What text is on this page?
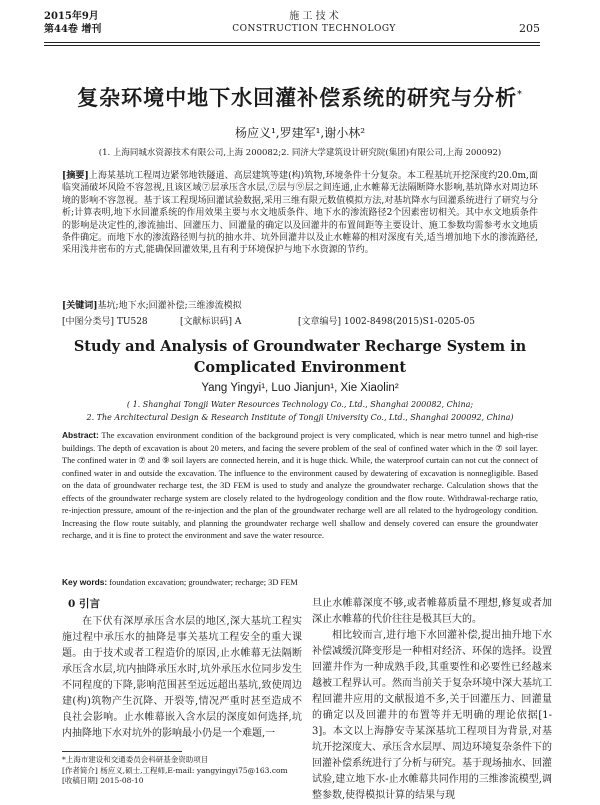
2015年9月
第44卷 增刊
施 工 技 术
CONSTRUCTION TECHNOLOGY	205
复杂环境中地下水回灌补偿系统的研究与分析*
杨应义¹,罗建军¹,谢小林²
(1. 上海同城水资源技术有限公司,上海 200082;2. 同济大学建筑设计研究院(集团)有限公司,上海 200092)
[摘要]上海某基坑工程周边紧邻地铁隧道、高层建筑等建(构)筑物,环境条件十分复杂。本工程基坑开挖深度约20.0m,面临突涌破坏风险不容忽视,且该区域⑦层承压含水层,⑦层与⑨层之间连通,止水帷幕无法隔断降水影响,基坑降水对周边环境的影响不容忽视。基于该工程现场回灌试验数据,采用三维有限元数值模拟方法,对基坑降水与回灌系统进行了研究与分析;计算表明,地下水回灌系统的作用效果主要与水文地质条件、地下水的渗流路径2个因素密切相关。其中水文地质条件的影响是决定性的,渗流抽出、回灌压力、回灌量的确定以及回灌井的布置间距等主要设计、施工参数均需参考水文地质条件确定。而地下水的渗流路径则与抗的抽水井、坑外回灌井以及止水帷幕的相对深度有关,适当增加地下水的渗流路径,采用浅井密布的方式,能确保回灌效果,且有利于环境保护与地下水资源的节约。
[关键词]基坑;地下水;回灌补偿;三维渗流模拟
[中图分类号] TU528	[文献标识码] A	[文章编号] 1002-8498(2015)S1-0205-05
Study and Analysis of Groundwater Recharge System in Complicated Environment
Yang Yingyi¹, Luo Jianjun¹, Xie Xiaolin²
( 1. Shanghai Tongji Water Resources Technology Co., Ltd., Shanghai 200082, China;
2. The Architectural Design & Research Institute of Tongji University Co., Ltd., Shanghai 200092, China)
Abstract: The excavation environment condition of the background project is very complicated, which is near metro tunnel and high-rise buildings. The depth of excavation is about 20 meters, and facing the severe problem of the seal of confined water which in the ⑦ soil layer. The confined water in ⑦ and ⑨ soil layers are connected herein, and it is huge thick. While, the waterproof curtain can not cut the connect of confined water in and outside the excavation. The influence to the environment caused by dewatering of excavation is nonnegligible. Based on the data of groundwater recharge test, the 3D FEM is used to study and analyze the groundwater recharge. Calculation shows that the effects of the groundwater recharge system are closely related to the hydrogeology condition and the flow route. Withdrawal-recharge ratio, re-injection pressure, amount of the re-injection and the plan of the groundwater recharge well are all related to the hydrogeology condition. Increasing the flow route suitably, and planning the groundwater recharge well shallow and densely covered can ensure the groundwater recharge, and it is fine to protect the environment and save the water resource.
Key words: foundation excavation; groundwater; recharge; 3D FEM
0 引言

在下伏有深厚承压含水层的地区,深大基坑工程实施过程中承压水的抽降是事关基坑工程安全的重大课题。由于技术或者工程造价的原因,止水帷幕无法隔断承压含水层,坑内抽降承压水时,坑外承压水位同步发生不同程度的下降,影响范围甚至远远超出基坑,致使周边建(构)筑物产生沉降、开裂等,情况严重时甚至造成不良社会影响。止水帷幕嵌入含水层的深度如何选择,坑内抽降地下水对坑外的影响最小仍是一个难题,一

旦止水帷幕深度不够,或者帷幕质量不理想,修复或者加深止水帷幕的代价往往是极其巨大的。

相比较而言,进行地下水回灌补偿,提出抽升地下水补偿减缓沉降变形是一种相对经济、环保的选择。设置回灌井作为一种成熟手段,其重要性和必要性已经越来越被工程界认可。然而当前关于复杂环境中深大基坑工程回灌井应用的文献报道不多,关于回灌压力、回灌量的确定以及回灌井的布置等并无明确的理论依据[1-3]。本文以上海静安寺某深基坑工程项目为背景,对基坑开挖深度大、承压含水层厚、周边环境复杂条件下的回灌补偿系统进行了分析与研究。基于现场抽水、回灌试验,建立地下水-止水帷幕共同作用的三维渗流模型,调整参数,使得模拟计算的结果与现

*上海市建设和交通委员会科研基金资助项目
[作者简介] 杨应义,硕士,工程师,E-mail: yangyingyi75@163.com
[收稿日期] 2015-08-10
